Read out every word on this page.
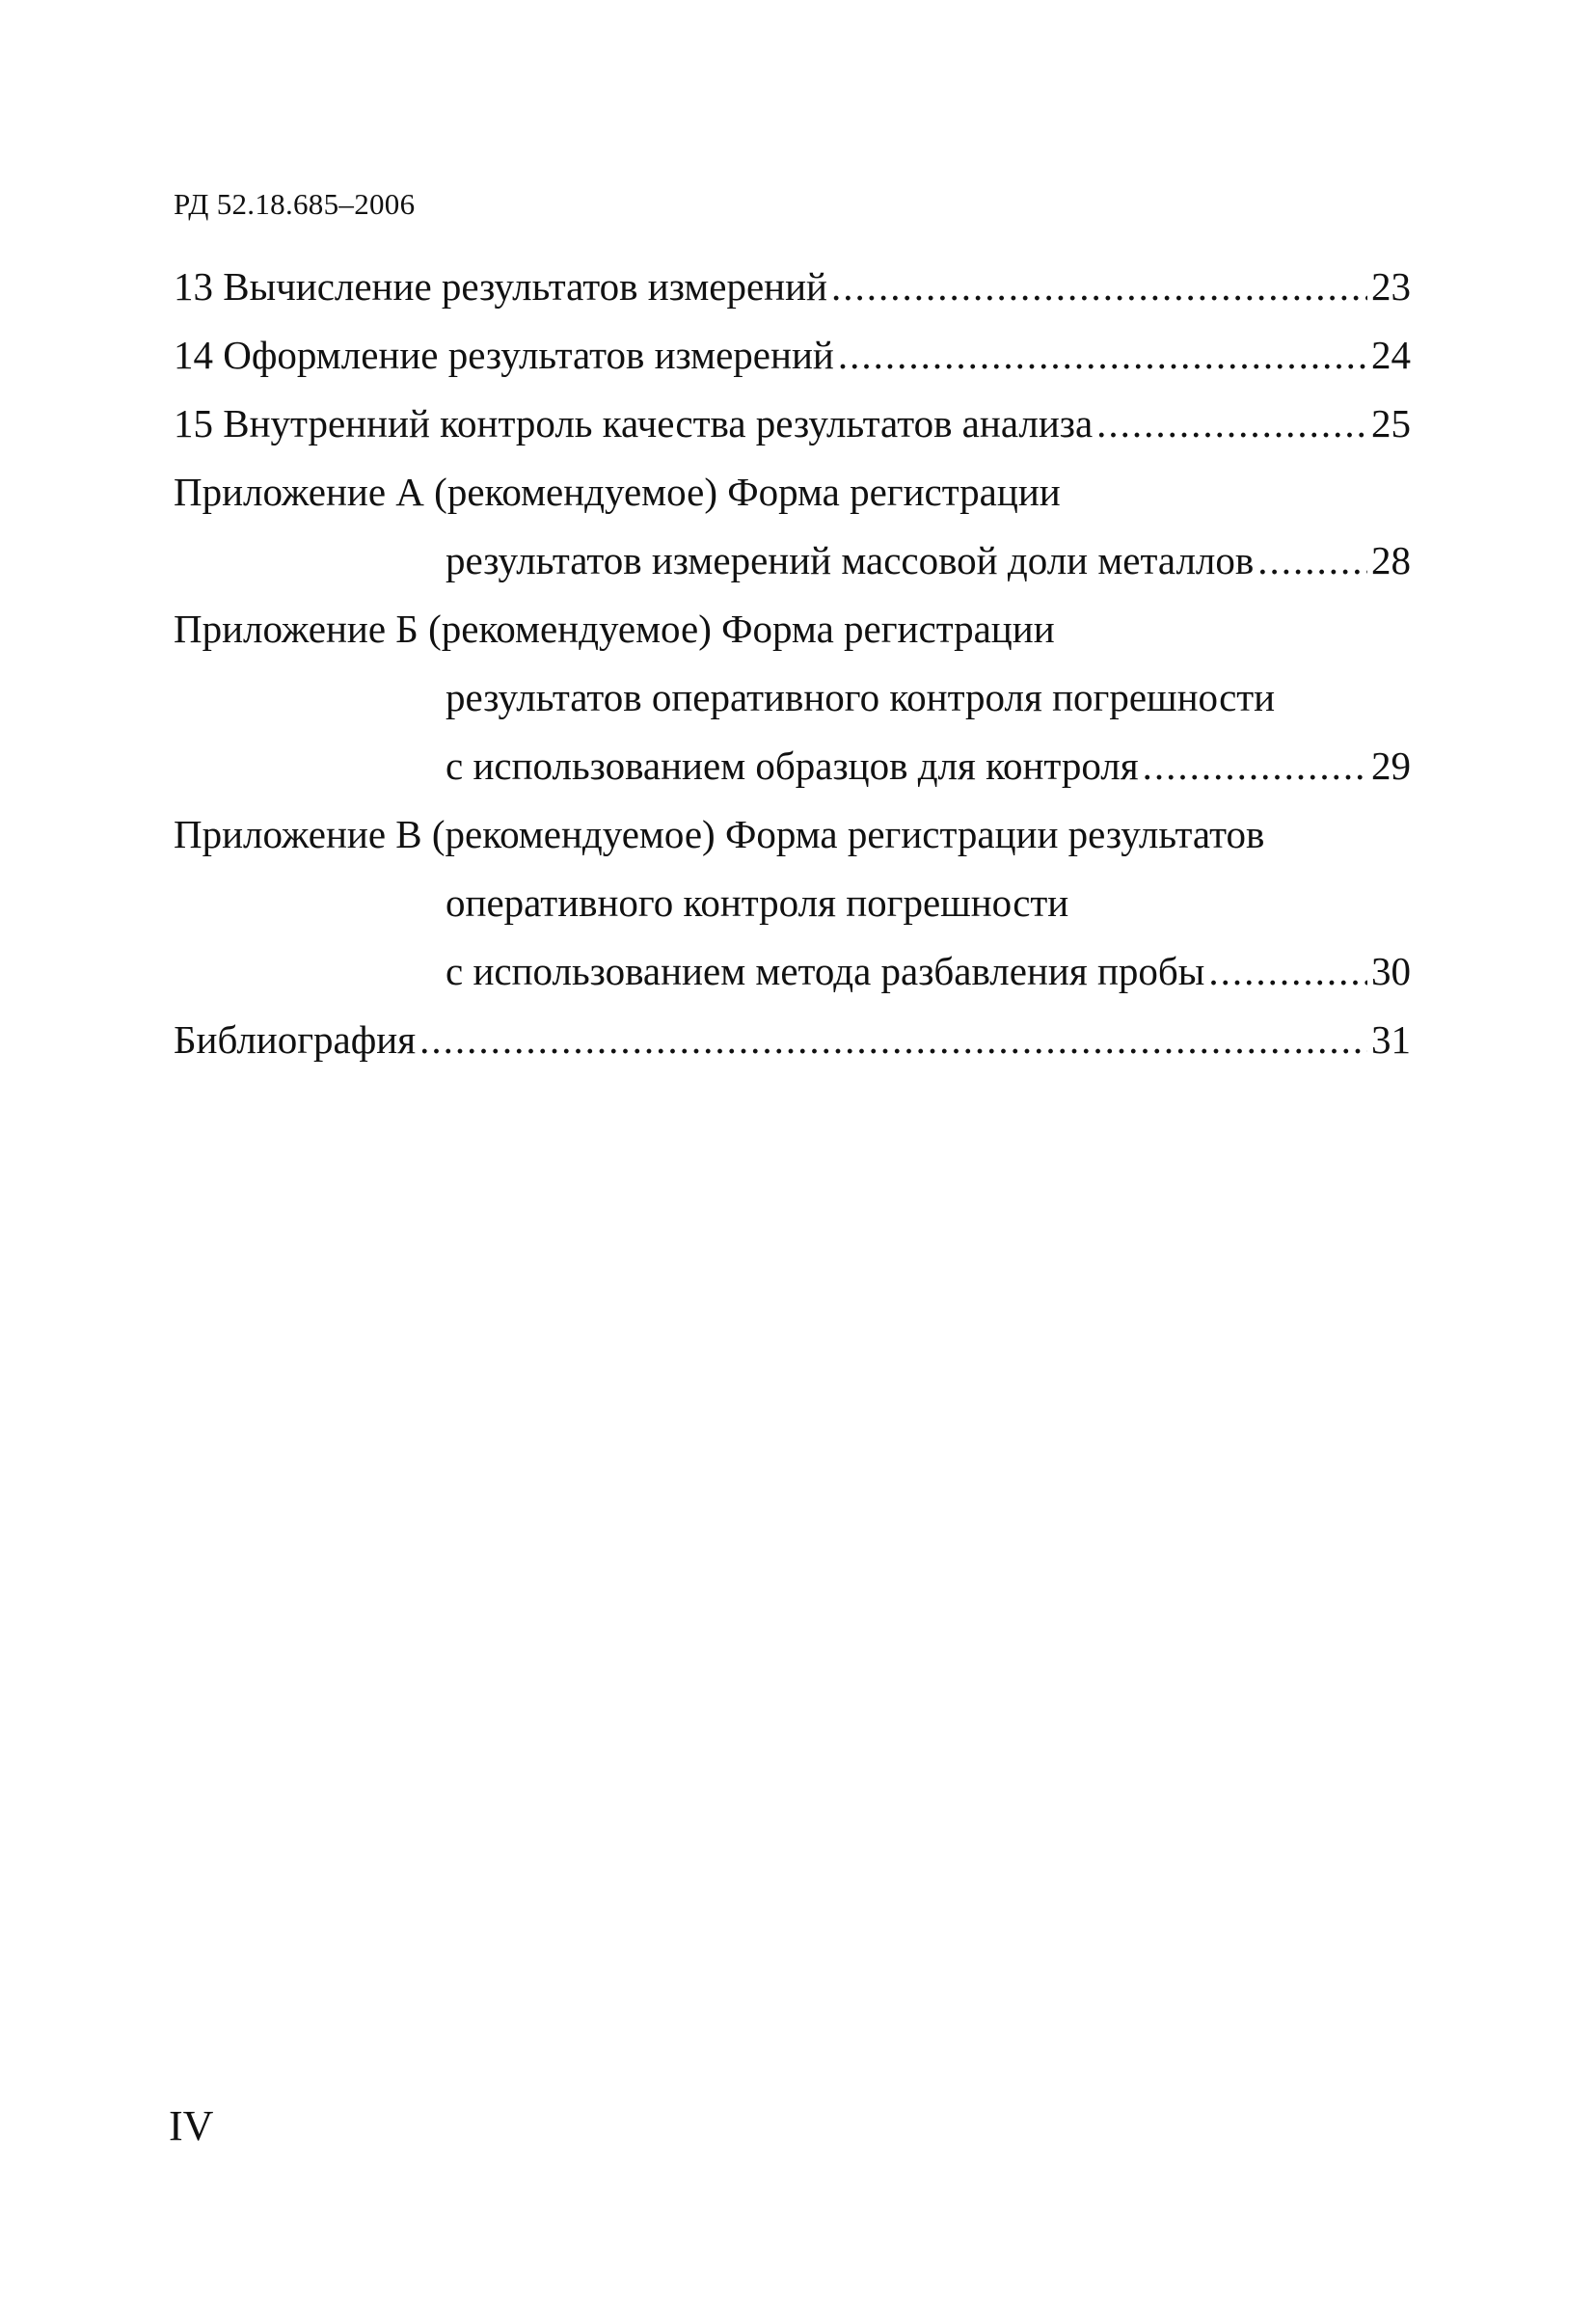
РД 52.18.685–2006
13 Вычисление результатов измерений .....	23
14 Оформление результатов измерений .....	24
15 Внутренний контроль качества результатов анализа .....	25
Приложение А (рекомендуемое) Форма регистрации
результатов измерений массовой доли металлов .....	28
Приложение Б (рекомендуемое) Форма регистрации
результатов оперативного контроля погрешности
с использованием образцов для контроля .....	29
Приложение В (рекомендуемое) Форма регистрации результатов
оперативного контроля погрешности
с использованием метода разбавления пробы .....	30
Библиография .....	31
IV
